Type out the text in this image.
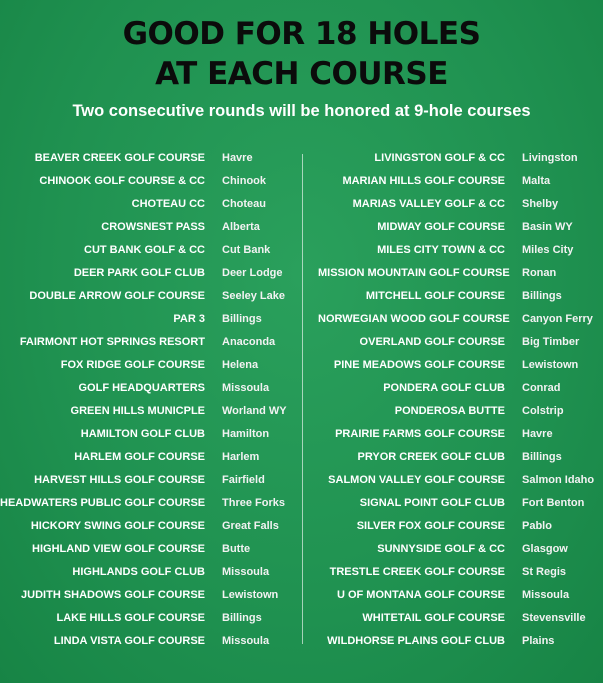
GOOD FOR 18 HOLES
AT EACH COURSE
Two consecutive rounds will be honored at 9-hole courses
BEAVER CREEK GOLF COURSE Havre
CHINOOK GOLF COURSE & CC Chinook
CHOTEAU CC Choteau
CROWSNEST PASS Alberta
CUT BANK GOLF & CC Cut Bank
DEER PARK GOLF CLUB Deer Lodge
DOUBLE ARROW GOLF COURSE Seeley Lake
PAR 3 Billings
FAIRMONT HOT SPRINGS RESORT Anaconda
FOX RIDGE GOLF COURSE Helena
GOLF HEADQUARTERS Missoula
GREEN HILLS MUNICPLE Worland WY
HAMILTON GOLF CLUB Hamilton
HARLEM GOLF COURSE Harlem
HARVEST HILLS GOLF COURSE Fairfield
HEADWATERS PUBLIC GOLF COURSE Three Forks
HICKORY SWING GOLF COURSE Great Falls
HIGHLAND VIEW GOLF COURSE Butte
HIGHLANDS GOLF CLUB Missoula
JUDITH SHADOWS GOLF COURSE Lewistown
LAKE HILLS GOLF COURSE Billings
LINDA VISTA GOLF COURSE Missoula
LIVINGSTON GOLF & CC Livingston
MARIAN HILLS GOLF COURSE Malta
MARIAS VALLEY GOLF & CC Shelby
MIDWAY GOLF COURSE Basin WY
MILES CITY TOWN & CC Miles City
MISSION MOUNTAIN GOLF COURSE Ronan
MITCHELL GOLF COURSE Billings
NORWEGIAN WOOD GOLF COURSE Canyon Ferry
OVERLAND GOLF COURSE Big Timber
PINE MEADOWS GOLF COURSE Lewistown
PONDERA GOLF CLUB Conrad
PONDEROSA BUTTE Colstrip
PRAIRIE FARMS GOLF COURSE Havre
PRYOR CREEK GOLF CLUB Billings
SALMON VALLEY GOLF COURSE Salmon Idaho
SIGNAL POINT GOLF CLUB Fort Benton
SILVER FOX GOLF COURSE Pablo
SUNNYSIDE GOLF & CC Glasgow
TRESTLE CREEK GOLF COURSE St Regis
U OF MONTANA GOLF COURSE Missoula
WHITETAIL GOLF COURSE Stevensville
WILDHORSE PLAINS GOLF CLUB Plains
